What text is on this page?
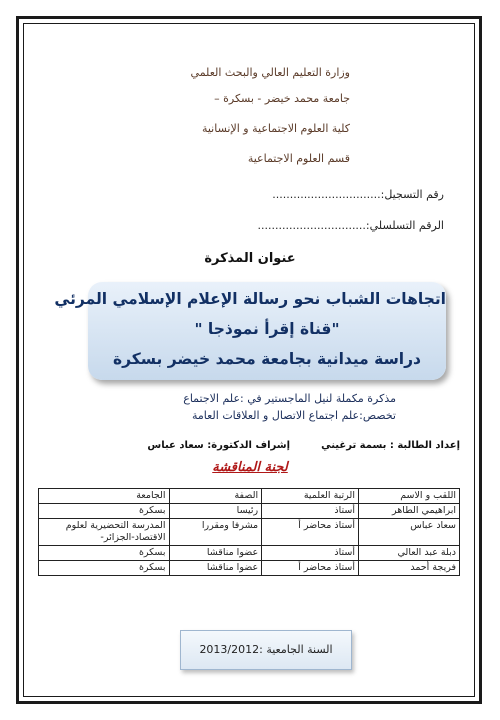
وزارة التعليم العالي والبحث العلمي
جامعة محمد خيضر - بسكرة –
كلية العلوم الاجتماعية و الإنسانية
قسم العلوم الاجتماعية
رقم التسجيل:...............................
الرقم التسلسلي:...............................
عنوان المذكرة
اتجاهات الشباب نحو رسالة الإعلام الإسلامي المرئي
"قناة إقرأ نموذجا "
دراسة ميدانية بجامعة محمد خيضر بسكرة
مذكرة مكملة لنيل الماجستير في :علم الاجتماع
تخصص:علم اجتماع الاتصال و العلاقات العامة
إعداد الطالبة : بسمة ترغيني
إشراف الدكتورة: سعاد عباس
لجنة المناقشة
اللقب و الاسم	الرتبة العلمية	الصفة	الجامعة
ابراهيمي الطاهر	أستاذ	رئيسا	بسكرة
سعاد عباس	أستاذ محاضر أ	مشرفا ومقررا	المدرسة التحضيرية لعلوم الاقتصاد-الجزائر-
دبلة عبد العالي	أستاذ	عضوا مناقشا	بسكرة
فريجة أحمد	أستاذ محاضر أ	عضوا مناقشا	بسكرة
السنة الجامعية :2013/2012
